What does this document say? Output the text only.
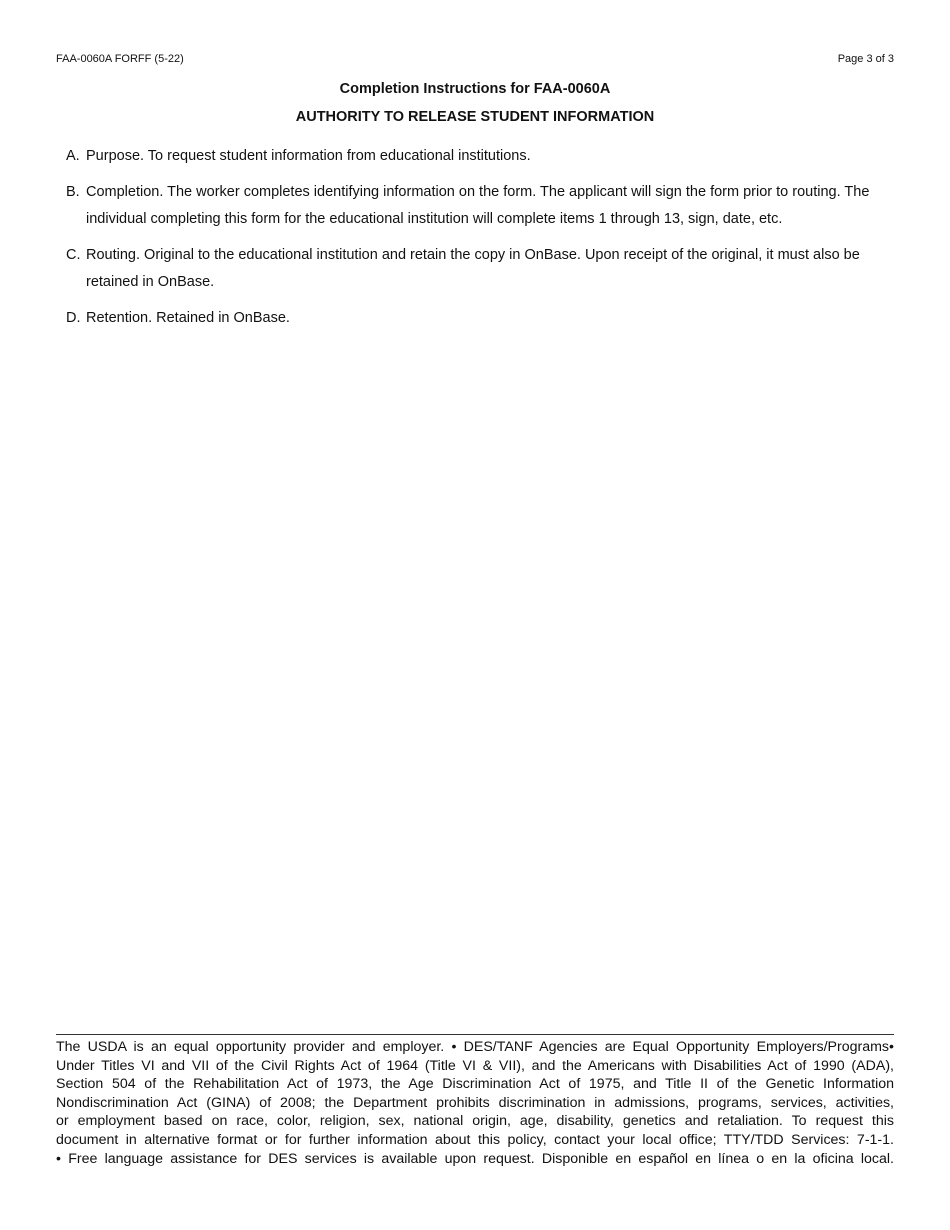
FAA-0060A FORFF (5-22)	Page 3 of 3
Completion Instructions for FAA-0060A
AUTHORITY TO RELEASE STUDENT INFORMATION
A. Purpose. To request student information from educational institutions.
B. Completion. The worker completes identifying information on the form. The applicant will sign the form prior to routing. The individual completing this form for the educational institution will complete items 1 through 13, sign, date, etc.
C. Routing. Original to the educational institution and retain the copy in OnBase. Upon receipt of the original, it must also be retained in OnBase.
D. Retention. Retained in OnBase.
The USDA is an equal opportunity provider and employer. • DES/TANF Agencies are Equal Opportunity Employers/Programs•
Under Titles VI and VII of the Civil Rights Act of 1964 (Title VI & VII), and the Americans with Disabilities Act of 1990 (ADA),
Section 504 of the Rehabilitation Act of 1973, the Age Discrimination Act of 1975, and Title II of the Genetic Information
Nondiscrimination Act (GINA) of 2008; the Department prohibits discrimination in admissions, programs, services, activities,
or employment based on race, color, religion, sex, national origin, age, disability, genetics and retaliation. To request this
document in alternative format or for further information about this policy, contact your local office; TTY/TDD Services: 7-1-1.
• Free language assistance for DES services is available upon request. Disponible en español en línea o en la oficina local.
